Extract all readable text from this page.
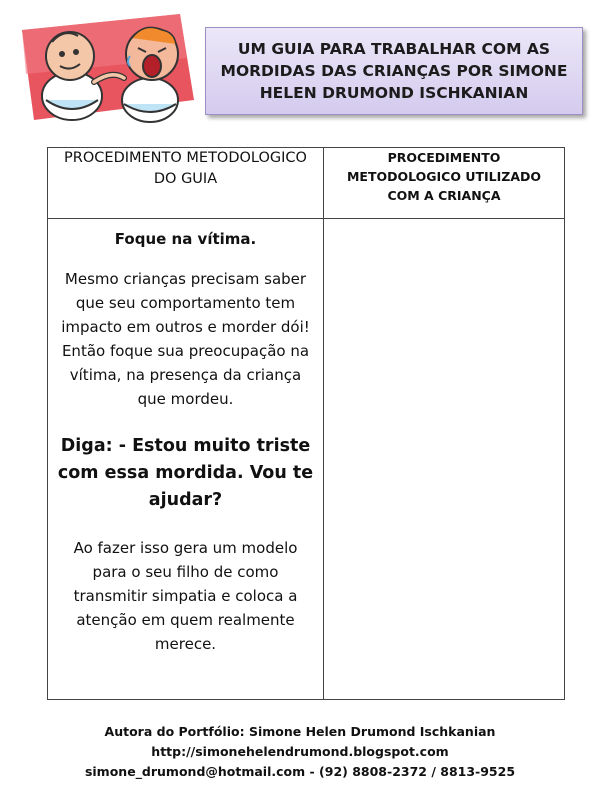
UM GUIA PARA TRABALHAR COM AS MORDIDAS DAS CRIANÇAS POR SIMONE HELEN DRUMOND ISCHKANIAN
PROCEDIMENTO METODOLOGICO DO GUIA	PROCEDIMENTO METODOLOGICO UTILIZADO COM A CRIANÇA

Foque na vítima.
Mesmo crianças precisam saber que seu comportamento tem impacto em outros e morder dói! Então foque sua preocupação na vítima, na presença da criança que mordeu.
Diga: - Estou muito triste com essa mordida. Vou te ajudar?
Ao fazer isso gera um modelo para o seu filho de como transmitir simpatia e coloca a atenção em quem realmente merece.	

Autora do Portfólio: Simone Helen Drumond Ischkanian
http://simonehelendrumond.blogspot.com
simone_drumond@hotmail.com - (92) 8808-2372 / 8813-9525
